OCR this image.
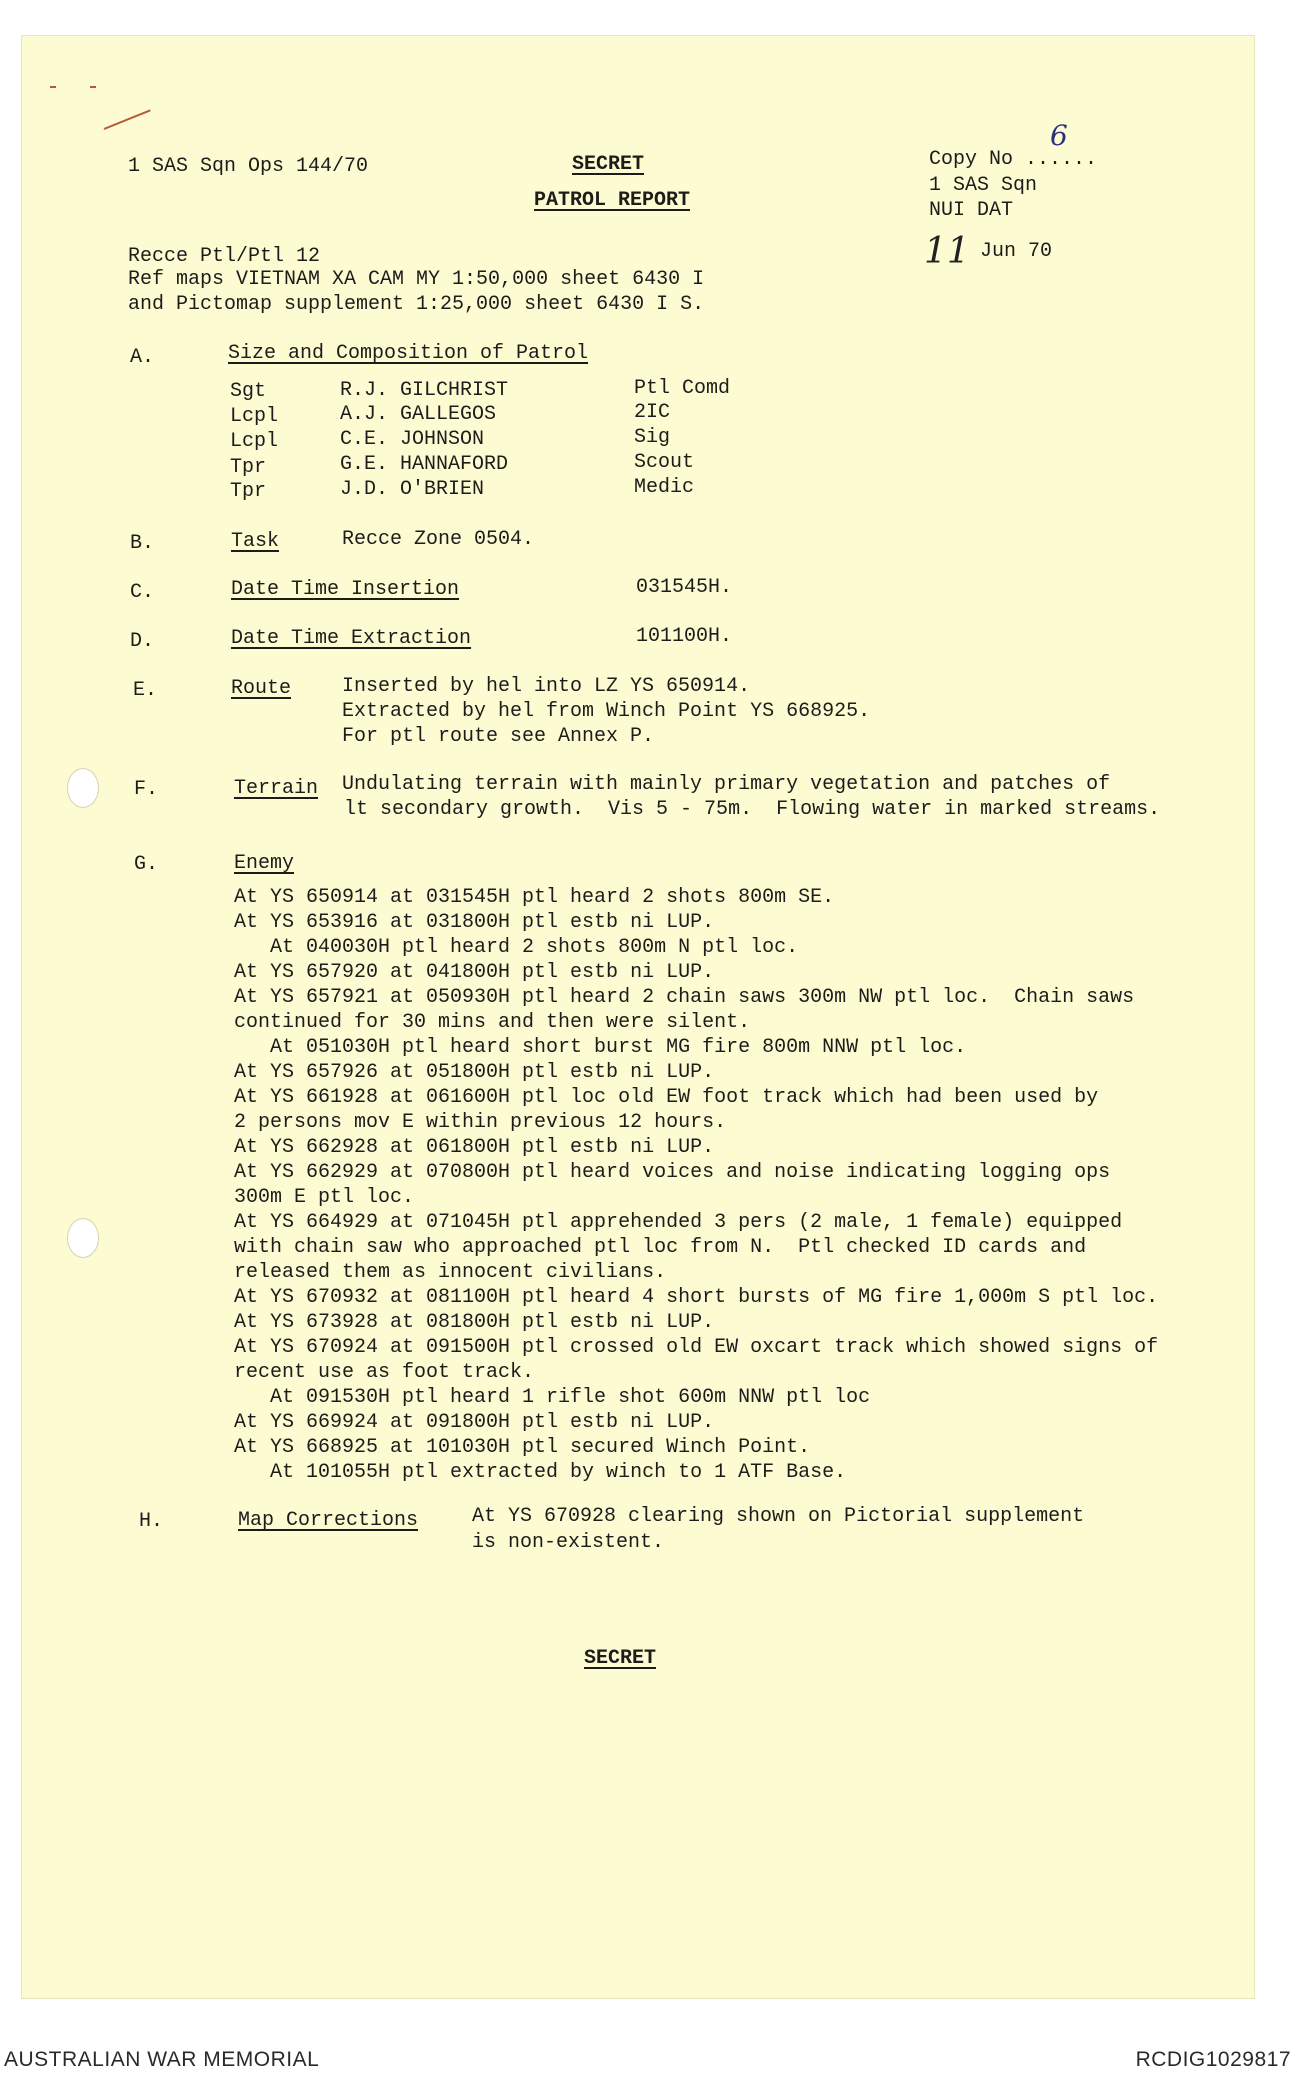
1 SAS Sqn Ops 144/70	SECRET
PATROL REPORT
Copy No ......
6
1 SAS Sqn
NUI DAT
11 Jun 70
Recce Ptl/Ptl 12
Ref maps VIETNAM XA CAM MY 1:50,000 sheet 6430 I
and Pictomap supplement 1:25,000 sheet 6430 I S.
A.	Size and Composition of Patrol
Sgt	R.J. GILCHRIST	Ptl Comd
Lcpl	A.J. GALLEGOS	2IC
Lcpl	C.E. JOHNSON	Sig
Tpr	G.E. HANNAFORD	Scout
Tpr	J.D. O'BRIEN	Medic
B.	Task	Recce Zone 0504.
C.	Date Time Insertion	031545H.
D.	Date Time Extraction	101100H.
E.	Route	Inserted by hel into LZ YS 650914.
Extracted by hel from Winch Point YS 668925.
For ptl route see Annex P.
F.	Terrain Undulating terrain with mainly primary vegetation and patches of
lt secondary growth.  Vis 5 - 75m.  Flowing water in marked streams.
G.	Enemy
At YS 650914 at 031545H ptl heard 2 shots 800m SE.
At YS 653916 at 031800H ptl estb ni LUP.
At 040030H ptl heard 2 shots 800m N ptl loc.
At YS 657920 at 041800H ptl estb ni LUP.
At YS 657921 at 050930H ptl heard 2 chain saws 300m NW ptl loc.  Chain saws
continued for 30 mins and then were silent.
At 051030H ptl heard short burst MG fire 800m NNW ptl loc.
At YS 657926 at 051800H ptl estb ni LUP.
At YS 661928 at 061600H ptl loc old EW foot track which had been used by
2 persons mov E within previous 12 hours.
At YS 662928 at 061800H ptl estb ni LUP.
At YS 662929 at 070800H ptl heard voices and noise indicating logging ops
300m E ptl loc.
At YS 664929 at 071045H ptl apprehended 3 pers (2 male, 1 female) equipped
with chain saw who approached ptl loc from N.  Ptl checked ID cards and
released them as innocent civilians.
At YS 670932 at 081100H ptl heard 4 short bursts of MG fire 1,000m S ptl loc.
At YS 673928 at 081800H ptl estb ni LUP.
At YS 670924 at 091500H ptl crossed old EW oxcart track which showed signs of
recent use as foot track.
At 091530H ptl heard 1 rifle shot 600m NNW ptl loc
At YS 669924 at 091800H ptl estb ni LUP.
At YS 668925 at 101030H ptl secured Winch Point.
At 101055H ptl extracted by winch to 1 ATF Base.
H.	Map Corrections	At YS 670928 clearing shown on Pictorial supplement
is non-existent.
SECRET
AUSTRALIAN WAR MEMORIAL	RCDIG1029817
